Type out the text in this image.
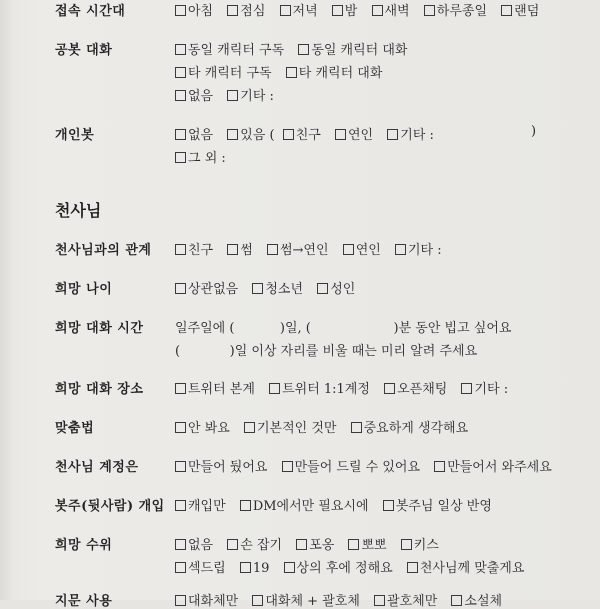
접속 시간대	아침 점심 저녁 밤 새벽 하루종일 랜덤
공봇 대화	동일 캐릭터 구독 동일 캐릭터 대화
타 캐릭터 구독 타 캐릭터 대화
없음 기타 :
개인봇	없음 있음 ( 친구 연인 기타 :	)
그 외 :
천사님
천사님과의 관계	친구 썸 썸→연인 연인 기타 :
희망 나이	상관없음 청소년 성인
희망 대화 시간 일주일에 (           )일, (                    )분 동안 빕고 싶어요
(            )일 이상 자리를 비울 때는 미리 알려 주세요
희망 대화 장소	트위터 본계 트위터 1:1계정 오픈채팅 기타 :
맞춤법	안 봐요 기본적인 것만 중요하게 생각해요
천사님 계정은	만들어 뒀어요 만들어 드릴 수 있어요 만들어서 와주세요
봇주(뒷사람) 개입	캐입만 DM에서만 필요시에 봇주님 일상 반영
희망 수위	없음 손 잡기 포옹 뽀뽀 키스
섹드립 19 상의 후에 정해요 천사님께 맞출게요
지문 사용	대화체만 대화체 + 괄호체 괄호체만 소설체
